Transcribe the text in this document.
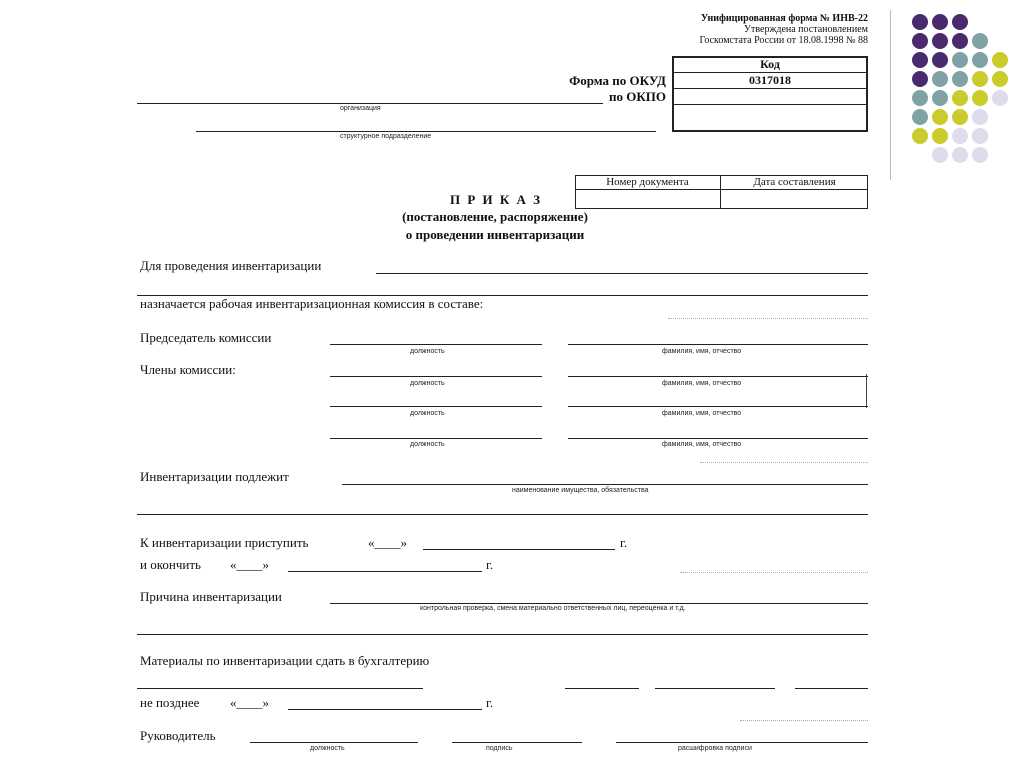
Унифицированная форма № ИНВ-22
Утверждена постановлением
Госкомстата России от 18.08.1998 № 88
Код
0317018
Форма по ОКУД
по ОКПО
организация
структурное подразделение
Номер документа	Дата составления
П Р И К А З
(постановление, распоряжение)
о проведении инвентаризации
Для проведения инвентаризации
назначается рабочая инвентаризационная комиссия в составе:
Председатель комиссии
должность	фамилия, имя, отчество
Члены комиссии:
должность	фамилия, имя, отчество
должность	фамилия, имя, отчество
должность	фамилия, имя, отчество
Инвентаризации подлежит
наименование имущества, обязательства
К инвентаризации приступить	«____»	г.
и окончить «____»	г.
Причина инвентаризации
контрольная проверка, смена материально ответственных лиц, переоценка и т.д.
Материалы по инвентаризации сдать в бухгалтерию
не позднее «____»	г.
Руководитель
должность	подпись	расшифровка подписи
